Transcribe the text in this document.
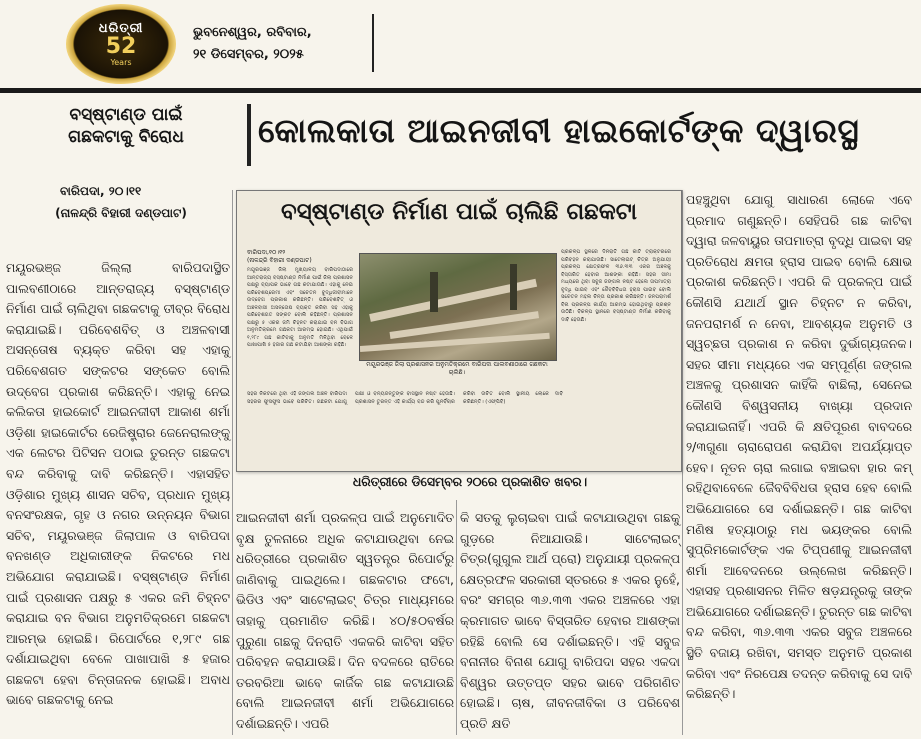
ଧରିତ୍ରୀ
52
Years
ଭୁବନେଶ୍ୱର, ରବିବାର,
୨୧ ଡିସେମ୍ବର, ୨୦୨୫
ବସ୍‌ଷ୍ଟାଣ୍ଡ ପାଇଁ
ଗଛକଟାକୁ ବିରୋଧ	କୋଲକାତା ଆଇନଜୀବୀ ହାଇକୋର୍ଟଙ୍କ ଦ୍ୱାରସ୍ଥ
ବାରିପଦା, ୨୦।୧୧
(ନାଳନ୍ଦ୍ରି ବିହାରୀ ଦଣ୍ଡପାଟ)
ମୟୂରଭଞ୍ଜ ଜିଲ୍ଲା ବାରିପଦାସ୍ଥିତ ପାଲବଣୀଠାରେ ଆନ୍ତରାଜ୍ୟ ବସ୍‌ଷ୍ଟାଣ୍ଡ ନିର୍ମାଣ ପାଇଁ ଚାଲିଥିବା ଗଛକଟାକୁ ତୀବ୍ର ବିରୋଧ କରାଯାଇଛି। ପରିବେଶବିତ୍ ଓ ଅଞ୍ଚଳବାସୀ ଅସନ୍ତୋଷ ବ୍ୟକ୍ତ କରିବା ସହ ଏହାକୁ ପରିବେଶଗତ ସଙ୍କଟର ସଙ୍କେତ ବୋଲି ଉଦ୍‌ବେଗ ପ୍ରକାଶ କରିଛନ୍ତି। ଏହାକୁ ନେଇ କଲିକତା ହାଇକୋର୍ଟ ଆଇନଜୀବୀ ଆକାଶ ଶର୍ମା ଓଡ଼ିଶା ହାଇକୋର୍ଟର ରେଜିଷ୍ଟ୍ରାର ଜେନେରାଲଙ୍କୁ ଏକ ଲେଟର ପିଟିସନ ପଠାଇ ତୁରନ୍ତ ଗଛକଟା ବନ୍ଦ କରିବାକୁ ଦାବି କରିଛନ୍ତି। ଏହାସହିତ ଓଡ଼ିଶାର ମୁଖ୍ୟ ଶାସନ ସଚିବ, ପ୍ରଧାନ ମୁଖ୍ୟ ବନସଂରକ୍ଷକ, ଗୃହ ଓ ନଗର ଉନ୍ନୟନ ବିଭାଗ ସଚିବ, ମୟୂରଭଞ୍ଜ ଜିଲାପାଳ ଓ ବାରିପଦା ବନଖଣ୍ଡ ଅଧିକାରୀଙ୍କ ନିକଟରେ ମଧ ଅଭିଯୋଗ କରାଯାଇଛି। ବସ୍‌ଷ୍ଟାଣ୍ଡ ନିର୍ମାଣ ପାଇଁ ପ୍ରଶାସନ ପକ୍ଷରୁ ୫ ଏକର ଜମି ଚିହ୍ନଟ କରାଯାଇ ବନ ବିଭାଗ ଅନୁମତିକ୍ରମେ ଗଛକଟା ଆରମ୍ଭ ହୋଇଛି। ରିପୋର୍ଟରେ ୧,୨୮୯ ଗଛ ଦର୍ଶାଯାଇଥିବା ବେଳେ ପାଖାପାଖି ୫ ହଜାର ଗଛକଟା ହେବା ଚିନ୍ତାଜନକ ହୋଇଛି। ଅବାଧ ଭାବେ ଗଛକଟାକୁ ନେଇ
ଆଇନଜୀବୀ ଶର୍ମା ପ୍ରକଳ୍ପ ପାଇଁ ଅନୁମୋଦିତ ବୃକ୍ଷ ତୁଳନାରେ ଅଧିକ କଟାଯାଉଥିବା ନେଇ ଧରିତ୍ରୀରେ ପ୍ରକାଶିତ ସ୍ୱତନ୍ତ୍ର ରିପୋର୍ଟରୁ ଜାଣିବାକୁ ପାଇଥିଲେ। ଗଛକଟାର ଫଟୋ, ଭିଡିଓ ଏବଂ ସାଟେଲାଇଟ୍ ଚିତ୍ର ମାଧ୍ୟମରେ ତାହାକୁ ପ୍ରମାଣିତ କରିଛି। ୪୦/୫୦ବର୍ଷର ପୁରୁଣା ଗଛକୁ ଦିନରାତି ଏକକରି କାଟିବା ସହିତ ପରିବହନ କରାଯାଉଛି। ଦିନ ବଦଳରେ ରାତିରେ ତରବରିଆ ଭାବେ କାର୍ଜିକ ଗଛ କଟାଯାଉଛି ବୋଲି ଆଇନଜୀବୀ ଶର୍ମା ଅଭିଯୋଗରେ ଦର୍ଶାଇଛନ୍ତି। ଏପରି
କି ସତକୁ ଲୁଚାଇବା ପାଇଁ କଟାଯାଉଥିବା ଗଛକୁ ଗୁଡ଼ରେ ନିଆଯାଉଛି। ସାଟେଲାଇଟ୍ ଚିତ୍ର(ଗୁଗୁଲ ଆର୍ଥ ପ୍ରୋ) ଅନୁଯାୟୀ ପ୍ରକଳ୍ପ କ୍ଷେତ୍ରଫଳ ସରକାରୀ ସ୍ତରରେ ୫ ଏକର ନୁହେଁ, ବରଂ ସମଗ୍ର ୩୬.୩୩ ଏକର ଅଞ୍ଚଳରେ ଏହା କ୍ରମାଗତ ଭାବେ ବିସ୍ତାରିତ ହେବାର ଆଶଙ୍କା ରହିଛି ବୋଲି ସେ ଦର୍ଶାଇଛନ୍ତି। ଏହି ସବୁଜ ବନାନୀର ବିନାଶ ଯୋଗୁ ବାରିପଦା ସହର ଏକଦା ବିଶ୍ୱର ଉତ୍ତପ୍ତ ସହର ଭାବେ ପରିଗଣିତ ହୋଇଛି। ଚାଷ, ଜୀବନଜୀବିକା ଓ ପରିବେଶ ପ୍ରତି କ୍ଷତି
ପହଞ୍ଚୁଥିବା ଯୋଗୁ ସାଧାରଣ ଲୋକେ ଏବେ ପ୍ରମାଦ ଗଣୁଛନ୍ତି। ସେହିପରି ଗଛ କାଟିବା ଦ୍ୱାରା ଜଳବାୟୁର ତାପମାତ୍ରା ବୃଦ୍ଧି ପାଇବା ସହ ପ୍ରତିରୋଧ କ୍ଷମତା ହ୍ରାସ ପାଇବ ବୋଲି କ୍ଷୋଭ ପ୍ରକାଶ କରିଛନ୍ତି। ଏପରି କି ପ୍ରକଳ୍ପ ପାଇଁ କୌଣସି ଯଥାର୍ଥ ସ୍ଥାନ ଚିହ୍ନଟ ନ କରିବା, ଜନପରାମର୍ଶ ନ ନେବା, ଆବଶ୍ୟକ ଅନୁମତି ଓ ସ୍ୱଚ୍ଛତା ପ୍ରକାଶ ନ କରିବା ଦୁର୍ଭାଗ୍ୟଜନକ। ସହର ସୀମା ମଧ୍ୟରେ ଏକ ସମ୍ପୂର୍ଣ୍ଣ ଜଙ୍ଗଲ ଅଞ୍ଚଳକୁ ପ୍ରଶାସନ କାହିଁକି ବାଛିଲା, ସେନେଇ କୌଣସି ବିଶ୍ୱସନୀୟ ବାଖ୍ୟା ପ୍ରଦାନ କରାଯାଇନାହିଁ। ଏପରି କି କ୍ଷତିପୂରଣ ବାବଦରେ ୨/୩ଗୁଣା ଚାରାରୋପଣ କରାଯିବା ଅପର୍ଯ୍ୟାପ୍ତ ହେବ। ନୂତନ ଚାରା ଲଗାଇ ବଞ୍ଚାଇବା ହାର କମ୍ ରହିଥିବାବେଳେ ଜୈବବିବିଧତା ହ୍ରାସ ହେବ ବୋଲି ଅଭିଯୋଗରେ ସେ ଦର୍ଶାଇଛନ୍ତି। ଗଛ କାଟିବା ମଣିଷ ହତ୍ୟାଠାରୁ ମଧ ଭୟଙ୍କର ବୋଲି ସୁପ୍ରିମକୋର୍ଟଙ୍କ ଏକ ଟିପ୍ପଣୀକୁ ଆଇନଜୀବୀ ଶର୍ମା ଆବେଦନରେ ଉଲ୍ଲେଖ କରିଛନ୍ତି। ଏହାସହ ପ୍ରଶାସନର ମିଳିତ ଷଡ଼ଯନ୍ତ୍ରକୁ ତାଙ୍କ ଅଭିଯୋଗରେ ଦର୍ଶାଇଛନ୍ତି। ତୁରନ୍ତ ଗଛ କାଟିବା ବନ୍ଦ କରିବା, ୩୬.୩୩ ଏକର ସବୁଜ ଅଞ୍ଚଳରେ ସ୍ଥିତି ବଜାୟ ରଖିବା, ସମସ୍ତ ଅନୁମତି ପ୍ରକାଶ କରିବା ଏବଂ ନିରପେକ୍ଷ ତଦନ୍ତ କରିବାକୁ ସେ ଦାବି କରିଛନ୍ତି।
ବସ୍‌ଷ୍ଟାଣ୍ଡ ନିର୍ମାଣ ପାଇଁ ଚାଲିଛି ଗଛକଟା
ବାରିପଦା,୧୦।୧୨
(ନାଳନ୍ଦ୍ରି ବିହାରୀ ଦଣ୍ଡପାଟ)
ମୟୂରଭଞ୍ଜ ଜିଲା ମୁଖ୍ୟାଳୟ ବାରିପଦାଠାରେ ଆନ୍ତରାଜ୍ୟ ବସ୍‌ଷ୍ଟାଣ୍ଡ ନିର୍ମାଣ ପାଇଁ ଜିଲା ପ୍ରଶାସନ ପକ୍ଷରୁ ବ୍ୟାପକ ଭାବେ ଗଛ କଟାଯାଉଛି। ଏହାକୁ ନେଇ ପରିବେଶପ୍ରେମୀ ଏବଂ ସଚେତନ ବୁଦ୍ଧିଜୀବୀମାନେ ଉଦ୍‌ବେଗ ପ୍ରକାଶ କରିଛନ୍ତି। ପରିବେଶବିତ୍ ଓ ଅଞ୍ଚଳବାସୀ ଅସନ୍ତୋଷ ବ୍ୟକ୍ତ କରିବା ସହ ଏହାକୁ ପରିବେଶଗତ ସଙ୍କଟ ବୋଲି କହିଛନ୍ତି। ପ୍ରଶାସନ ପକ୍ଷରୁ ୫ ଏକର ଜମି ଚିହ୍ନଟ କରାଯାଇ ବନ ବିଭାଗ ଅନୁମତିକ୍ରମେ ଗଛକଟା ଆରମ୍ଭ ହୋଇଛି। ଏଥିପାଇଁ ୧,୨୮୯ ଗଛ କାଟିବାକୁ ଅନୁମତି ମିଳିଥିବା ବେଳେ ପାଖାପାଖି ୫ ହଜାର ଗଛ କଟାଯିବା ଆଶଙ୍କା ରହିଛି।
ମୟୂରଭଞ୍ଜ ଜିଲା ପ୍ରଶାସନର ଅନୁମତିକ୍ରମେ ବାରିପଦା ପାଲବଣୀଠାରେ ଗଛକଟା ଚାଲିଛି।
ପ୍ରକଳ୍ପ ସ୍ଥଳରେ ଦିନରାତି ଗଛ କାଟି ଟ୍ରାକ୍ଟରରେ ପରିବହନ କରାଯାଉଛି। ସାଟେଲାଇଟ୍ ଚିତ୍ର ଅନୁଯାୟୀ ପ୍ରକଳ୍ପ କ୍ଷେତ୍ରଫଳ ୩୬.୩୩ ଏକର ଅଞ୍ଚଳକୁ ବିସ୍ତାରିତ ହେବାର ଆଶଙ୍କା ରହିଛି। ସହର ସୀମା ମଧ୍ୟରେ ଥିବା ସବୁଜ ଜଙ୍ଗଲ ନଷ୍ଟ ହେଲେ ତାପମାତ୍ରା ବୃଦ୍ଧି ପାଇବ ଏବଂ ଜୈବବିବିଧତା ହ୍ରାସ ପାଇବ ବୋଲି ସଚେତନ ମହଲ ଚିନ୍ତା ପ୍ରକାଶ କରିଛନ୍ତି। ଜନପରାମର୍ଶ ବିନା ପ୍ରକଳ୍ପ କାର୍ଯ୍ୟ ଆରମ୍ଭ ହୋଇଥିବାରୁ ପ୍ରଶ୍ନ ଉଠିଛି। ବିକଳ୍ପ ସ୍ଥାନରେ ବସ୍‌ଷ୍ଟାଣ୍ଡ ନିର୍ମାଣ କରିବାକୁ ଦାବି ହେଉଛି।
ସହର ନିକଟରେ ଥିବା ଏହି ଜଙ୍ଗଲ ଅଞ୍ଚଳ ବାରିପଦା ସହରର ଫୁସଫୁସ ଭାବେ ପରିଚିତ। ଗଛକଟା ଯୋଗୁ ପକ୍ଷୀ ଓ ବନ୍ୟଜନ୍ତୁଙ୍କ ବାସସ୍ଥାନ ନଷ୍ଟ ହେଉଛି। ପ୍ରଶାସନ ତୁରନ୍ତ ଏହି କାର୍ଯ୍ୟ ବନ୍ଦ କରି ପୁନର୍ବିଚାର କରିବା ଉଚିତ ବୋଲି ସ୍ଥାନୀୟ ଲୋକେ ଦାବି କରିଛନ୍ତି। (ଏଫ୍‌ପିବି)
ଧରିତ୍ରୀରେ ଡିସେମ୍ବର ୨୦ରେ ପ୍ରକାଶିତ ଖବର।
